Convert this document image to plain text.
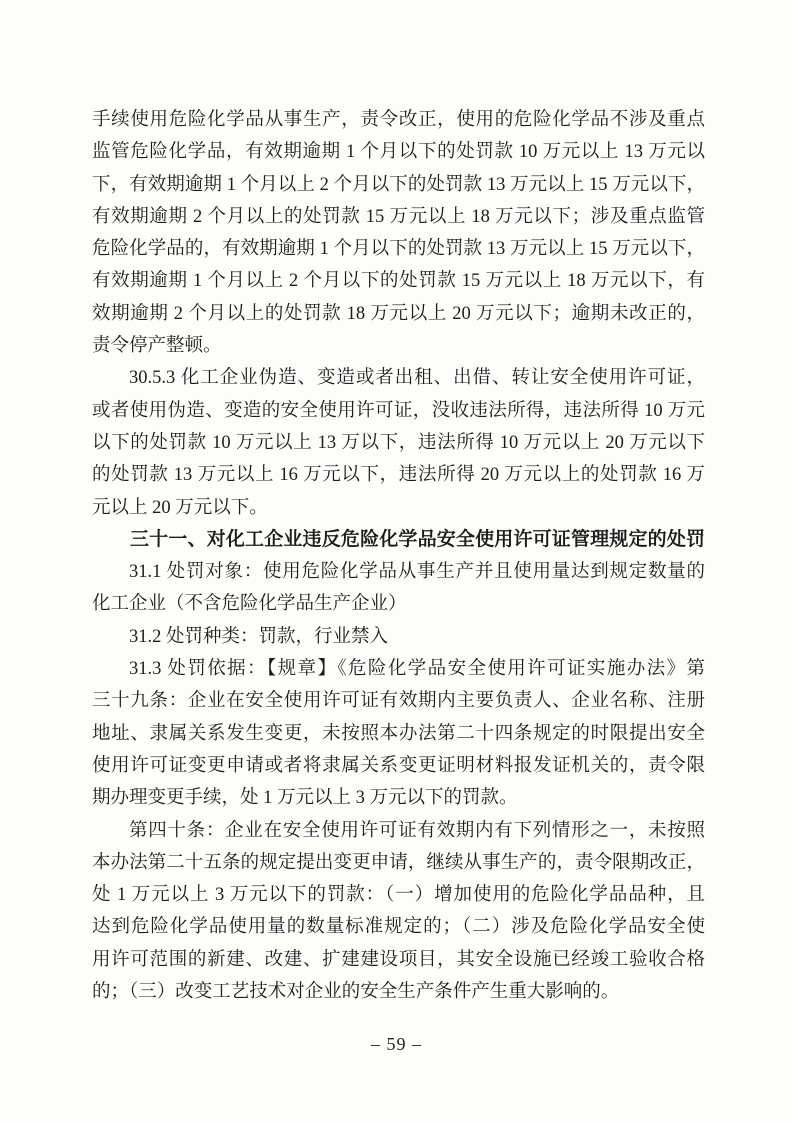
手续使用危险化学品从事生产，责令改正，使用的危险化学品不涉及重点
监管危险化学品，有效期逾期 1 个月以下的处罚款 10 万元以上 13 万元以
下，有效期逾期 1 个月以上 2 个月以下的处罚款 13 万元以上 15 万元以下，
有效期逾期 2 个月以上的处罚款 15 万元以上 18 万元以下；涉及重点监管
危险化学品的，有效期逾期 1 个月以下的处罚款 13 万元以上 15 万元以下，
有效期逾期 1 个月以上 2 个月以下的处罚款 15 万元以上 18 万元以下，有
效期逾期 2 个月以上的处罚款 18 万元以上 20 万元以下；逾期未改正的，
责令停产整顿。
30.5.3 化工企业伪造、变造或者出租、出借、转让安全使用许可证，
或者使用伪造、变造的安全使用许可证，没收违法所得，违法所得 10 万元
以下的处罚款 10 万元以上 13 万以下，违法所得 10 万元以上 20 万元以下
的处罚款 13 万元以上 16 万元以下，违法所得 20 万元以上的处罚款 16 万
元以上 20 万元以下。
三十一、对化工企业违反危险化学品安全使用许可证管理规定的处罚
31.1 处罚对象：使用危险化学品从事生产并且使用量达到规定数量的
化工企业（不含危险化学品生产企业）
31.2 处罚种类：罚款，行业禁入
31.3 处罚依据：【规章】《危险化学品安全使用许可证实施办法》第
三十九条：企业在安全使用许可证有效期内主要负责人、企业名称、注册
地址、隶属关系发生变更，未按照本办法第二十四条规定的时限提出安全
使用许可证变更申请或者将隶属关系变更证明材料报发证机关的，责令限
期办理变更手续，处 1 万元以上 3 万元以下的罚款。
第四十条：企业在安全使用许可证有效期内有下列情形之一，未按照
本办法第二十五条的规定提出变更申请，继续从事生产的，责令限期改正，
处 1 万元以上 3 万元以下的罚款：（一）增加使用的危险化学品品种，且
达到危险化学品使用量的数量标准规定的；（二）涉及危险化学品安全使
用许可范围的新建、改建、扩建建设项目，其安全设施已经竣工验收合格
的；（三）改变工艺技术对企业的安全生产条件产生重大影响的。
– 59 –
